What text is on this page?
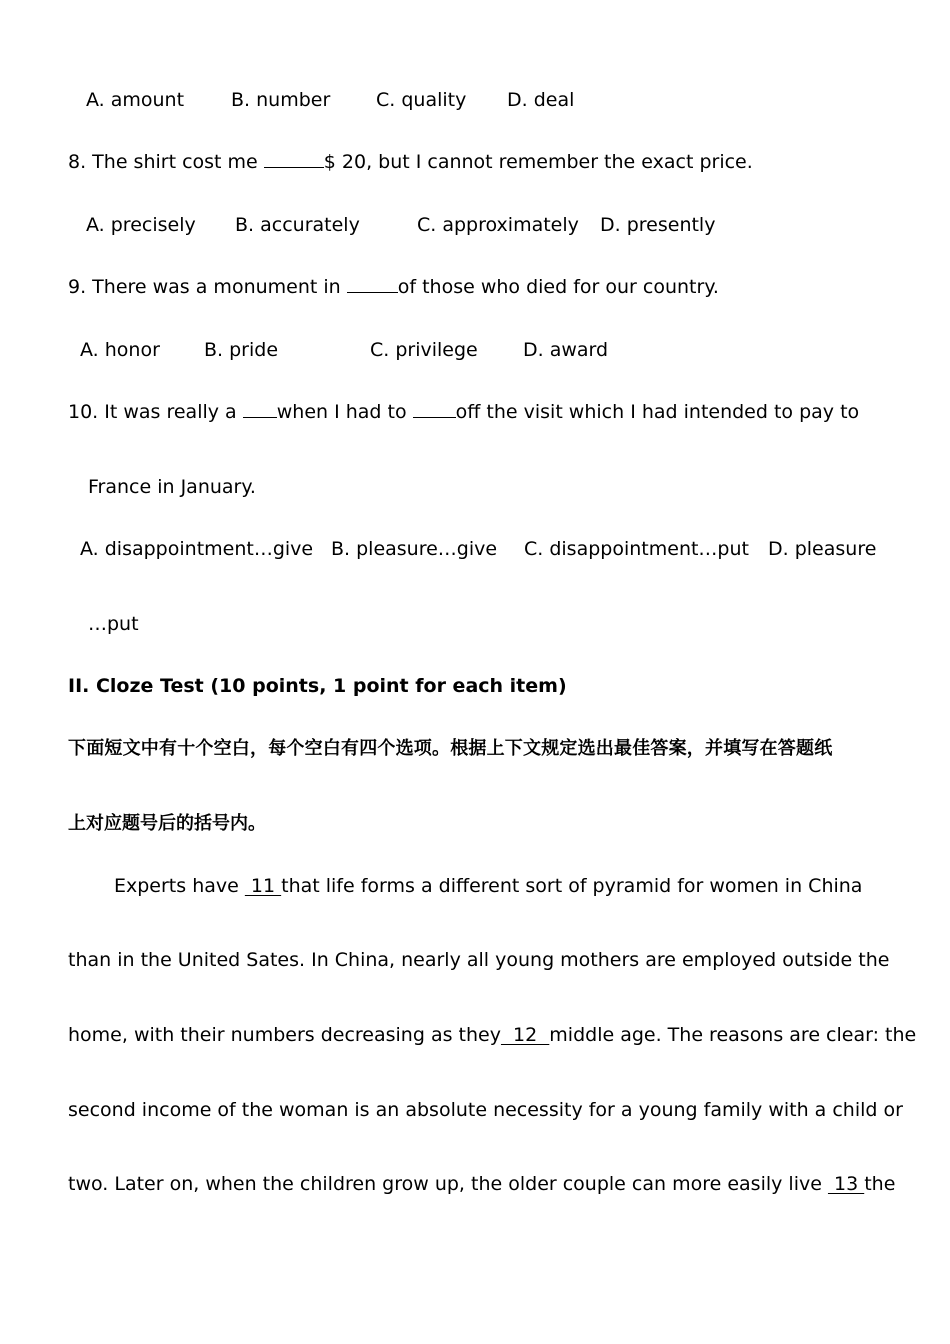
A. amount B. number C. quality D. deal
8. The shirt cost me	$ 20, but I cannot remember the exact price.
A. precisely B. accurately	C. approximately D. presently
9. There was a monument in	of those who died for our country.
A. honor B. pride	C. privilege D. award
10. It was really a when I had to off the visit which I had intended to pay to
France in January.
A. disappointment…give B. pleasure…give C. disappointment…put D. pleasure
…put
II. Cloze Test (10 points, 1 point for each item)
下面短文中有十个空白，每个空白有四个选项。根据上下文规定选出最佳答案，并填写在答题纸
上对应题号后的括号内。
Experts have  11 that life forms a different sort of pyramid for women in China
than in the United Sates. In China, nearly all young mothers are employed outside the
home, with their numbers decreasing as they  12  middle age. The reasons are clear: the
second income of the woman is an absolute necessity for a young family with a child or
two. Later on, when the children grow up, the older couple can more easily live  13 the
